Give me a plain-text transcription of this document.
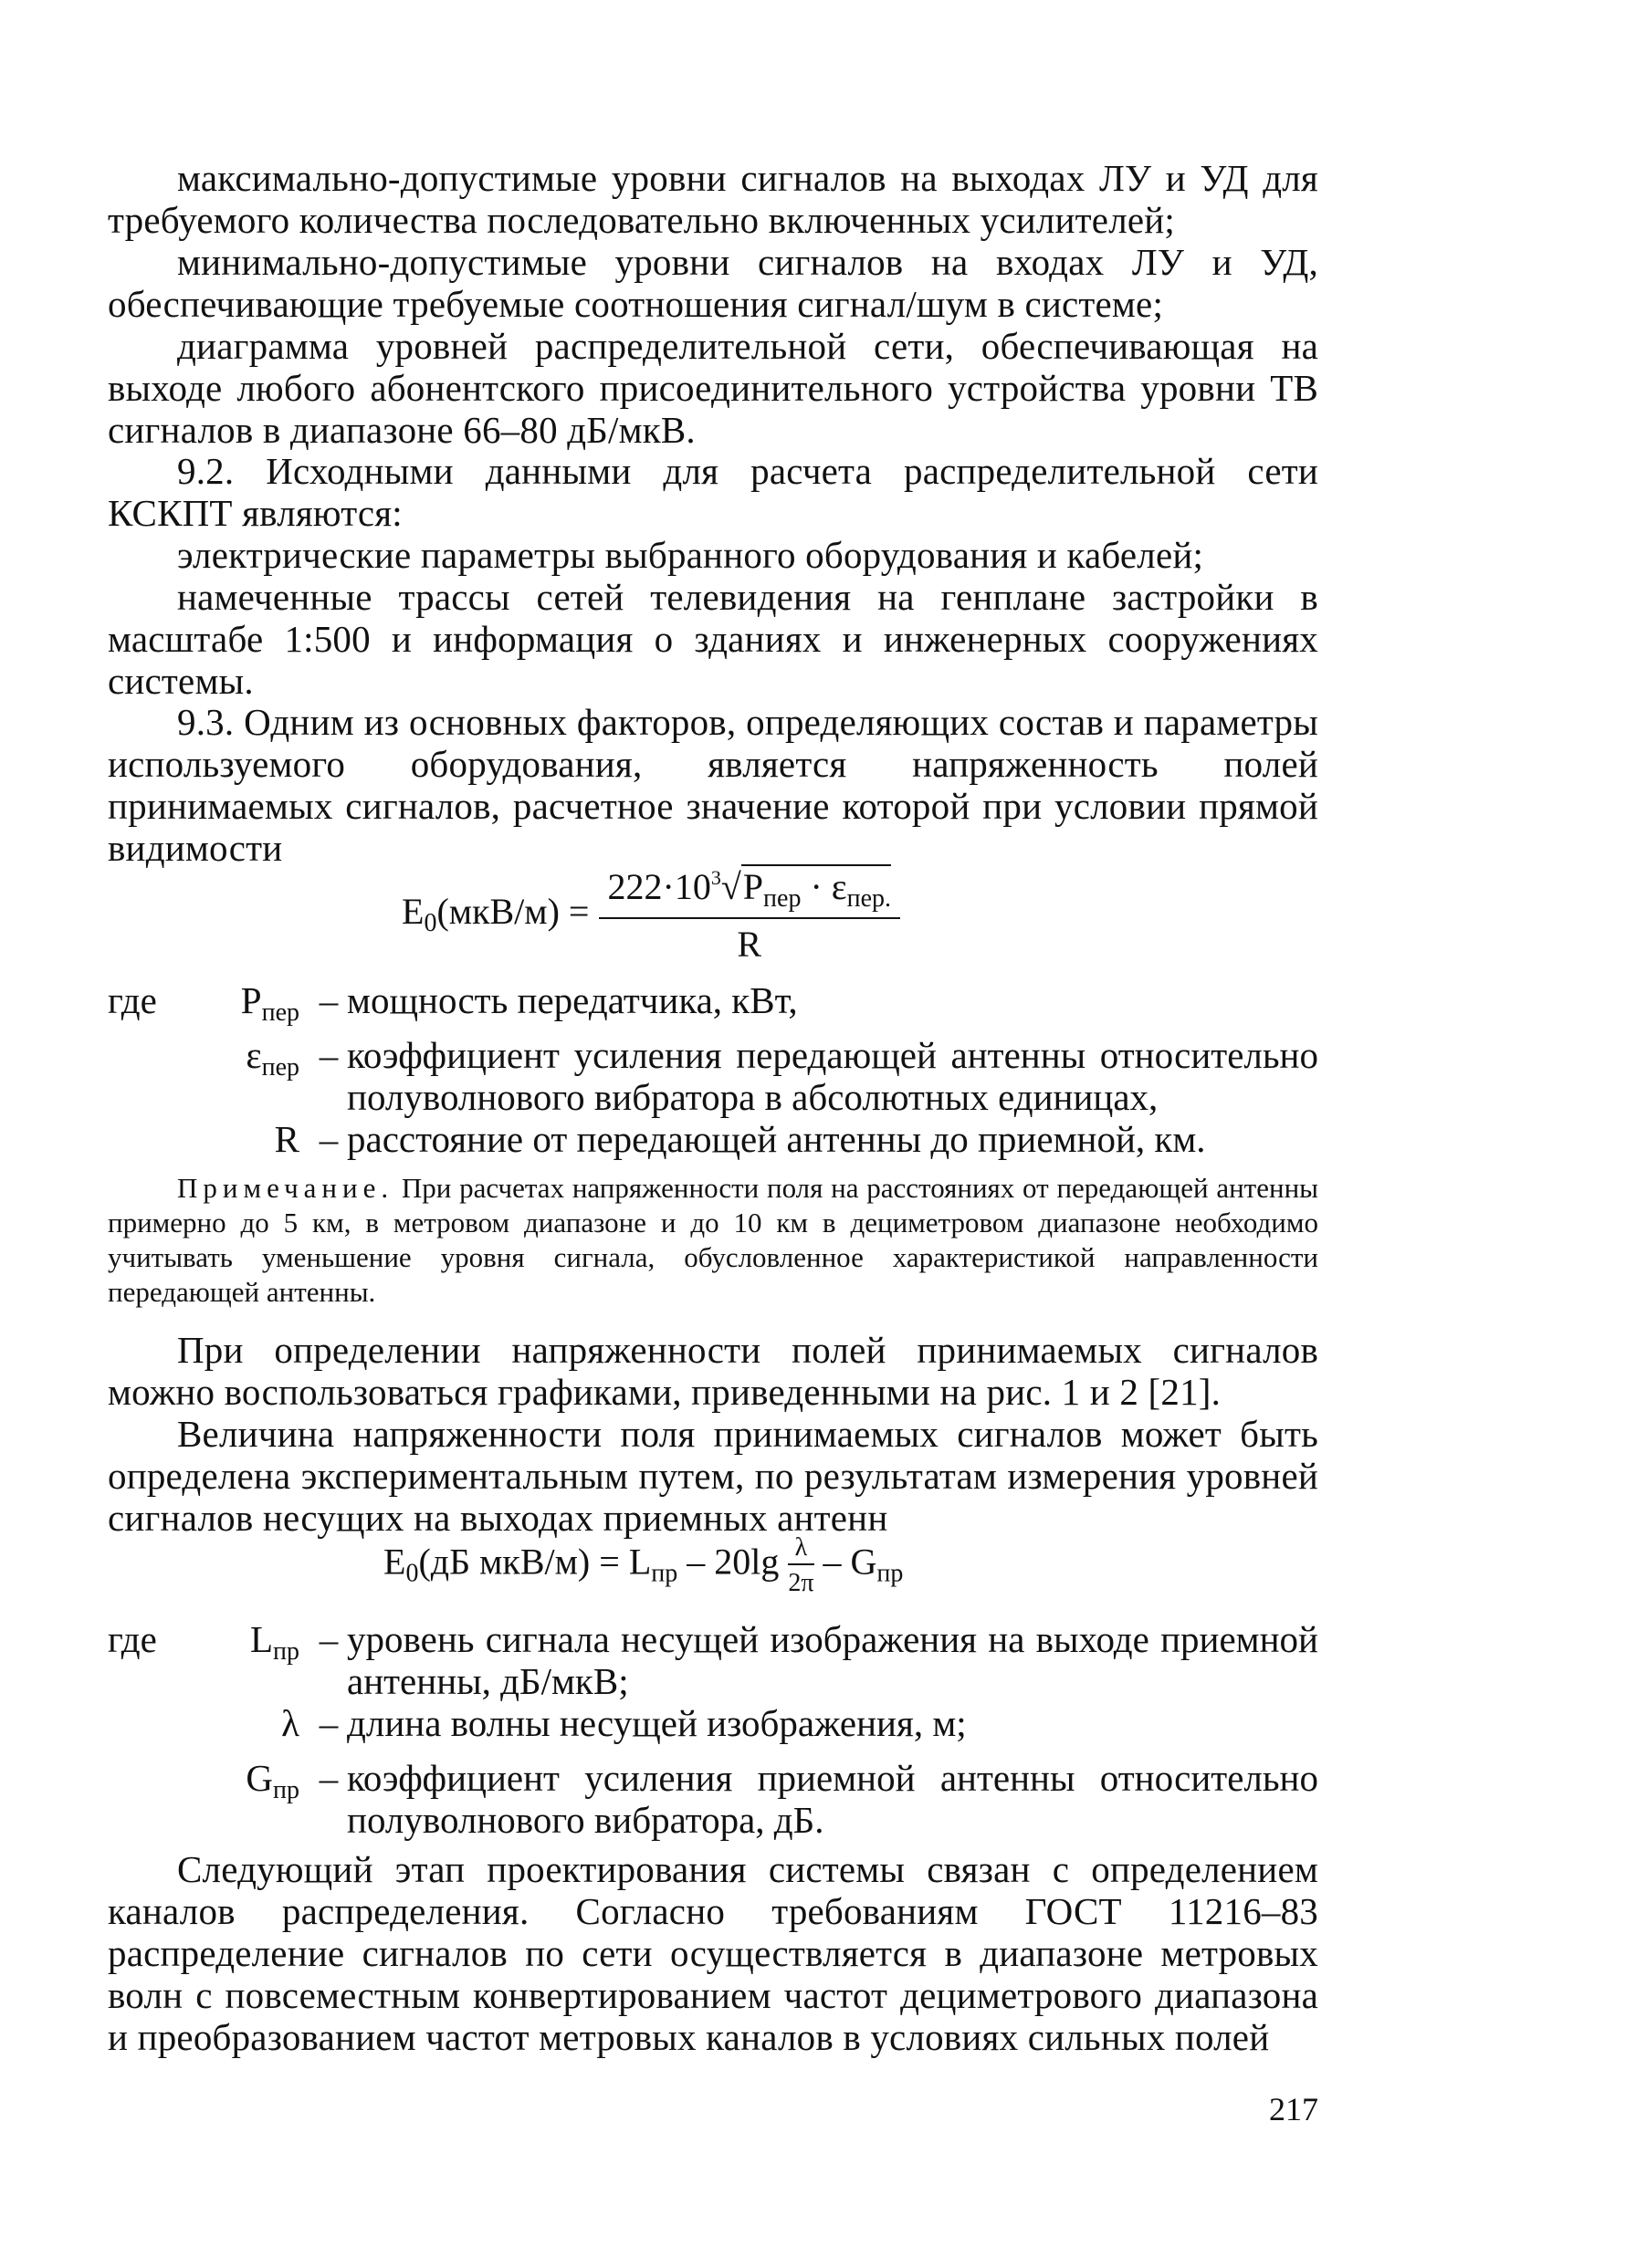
максимально-допустимые уровни сигналов на выходах ЛУ и УД для требуемого количества последовательно включенных усилителей;

минимально-допустимые уровни сигналов на входах ЛУ и УД, обеспечивающие требуемые соотношения сигнал/шум в системе;

диаграмма уровней распределительной сети, обеспечивающая на выходе любого абонентского присоединительного устройства уровни ТВ сигналов в диапазоне 66–80 дБ/мкВ.

9.2. Исходными данными для расчета распределительной сети КСКПТ являются:

электрические параметры выбранного оборудования и кабелей;

намеченные трассы сетей телевидения на генплане застройки в масштабе 1:500 и информация о зданиях и инженерных сооружениях системы.

9.3. Одним из основных факторов, определяющих состав и параметры используемого оборудования, является напряженность полей принимаемых сигналов, расчетное значение которой при условии прямой видимости

$E_0(мкВ/м) = \frac{222\cdot 10^3√P_{пер} \cdot \varepsilon_{пер.}}{R}$
где	$P_{пер}$ – мощность передатчика, кВт,
$\varepsilon_{пер}$ – коэффициент усиления передающей антенны относительно полуволнового вибратора в абсолютных единицах,
R – расстояние от передающей антенны до приемной, км.

Примечание. При расчетах напряженности поля на расстояниях от передающей антенны примерно до 5 км, в метровом диапазоне и до 10 км в дециметровом диапазоне необходимо учитывать уменьшение уровня сигнала, обусловленное характеристикой направленности передающей антенны.

При определении напряженности полей принимаемых сигналов можно воспользоваться графиками, приведенными на рис. 1 и 2 [21].

Величина напряженности поля принимаемых сигналов может быть определена экспериментальным путем, по результатам измерения уровней сигналов несущих на выходах приемных антенн

$E_0(дБ$ $мкВ/м) = L_{пр} - 20\lg \frac{\lambda}{2\pi} - G_{пр}$
где	$L_{пр}$ – уровень сигнала несущей изображения на выходе приемной антенны, дБ/мкВ;
λ – длина волны несущей изображения, м;
$G_{пр}$ – коэффициент усиления приемной антенны относительно полуволнового вибратора, дБ.

Следующий этап проектирования системы связан с определением каналов распределения. Согласно требованиям ГОСТ 11216–83 распределение сигналов по сети осуществляется в диапазоне метровых волн с повсеместным конвертированием частот дециметрового диапазона и преобразованием частот метровых каналов в условиях сильных полей

217
